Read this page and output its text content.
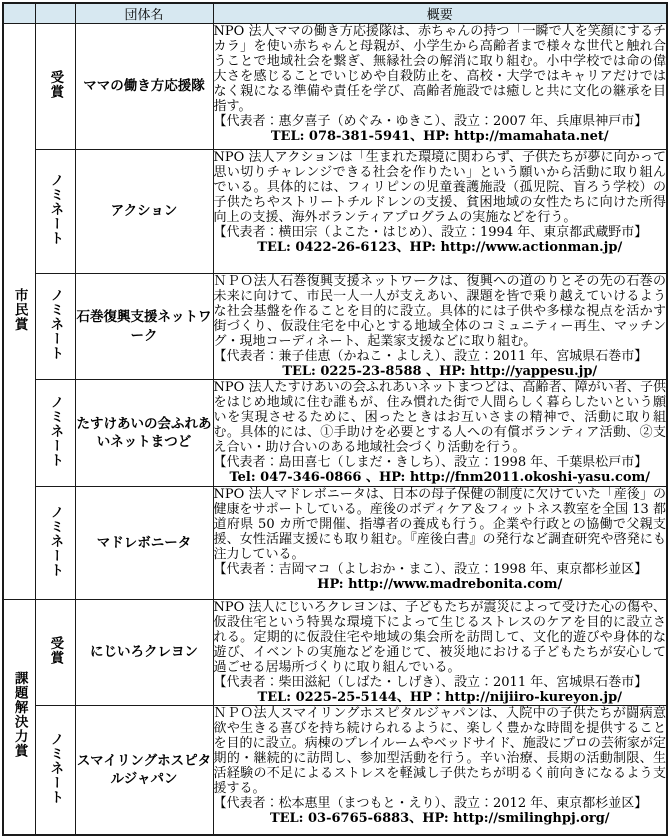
		団体名	概要
市民賞	受賞	ママの働き方応援隊	NPO 法人ママの働き方応援隊は、赤ちゃんの持つ「一瞬で人を笑顔にするチカラ」を使い赤ちゃんと母親が、小学生から高齢者まで様々な世代と触れ合うことで地域社会を繋ぎ、無縁社会の解消に取り組む。小中学校では命の偉大さを感じることでいじめや自殺防止を、高校・大学ではキャリアだけではなく親になる準備や責任を学び、高齢者施設では癒しと共に文化の継承を目指す。
【代表者：惠夕喜子（めぐみ・ゆきこ）、設立：2007 年、兵庫県神戸市】
TEL: 078-381-5941、HP: http://mamahata.net/

	ノミネート	アクション	NPO 法人アクションは「生まれた環境に関わらず、子供たちが夢に向かって思い切りチャレンジできる社会を作りたい」という願いから活動に取り組んでいる。具体的には、フィリピンの児童養護施設（孤児院、盲ろう学校）の子供たちやストリートチルドレンの支援、貧困地域の女性たちに向けた所得向上の支援、海外ボランティアプログラムの実施などを行う。
【代表者：横田宗（よこた・はじめ）、設立：1994 年、東京都武蔵野市】
TEL: 0422-26-6123、HP: http://www.actionman.jp/

	ノミネート	石巻復興支援ネットワーク	ＮＰＯ法人石巻復興支援ネットワークは、復興への道のりとその先の石巻の未来に向けて、市民一人一人が支えあい、課題を皆で乗り越えていけるような社会基盤を作ることを目的に設立。具体的には子供や多様な視点を活かす街づくり、仮設住宅を中心とする地域全体のコミュニティー再生、マッチング・現地コーディネート、起業家支援などに取り組む。
【代表者：兼子佳恵（かねこ・よしえ）、設立：2011 年、宮城県石巻市】
TEL: 0225-23-8588 、HP: http://yappesu.jp/

	ノミネート	たすけあいの会ふれあいネットまつど	NPO 法人たすけあいの会ふれあいネットまつどは、高齢者、障がい者、子供をはじめ地域に住む誰もが、住み慣れた街で人間らしく暮らしたいという願いを実現させるために、困ったときはお互いさまの精神で、活動に取り組む。具体的には、①手助けを必要とする人への有償ボランティア活動、②支え合い・助け合いのある地域社会づくり活動を行う。
【代表者：島田喜七（しまだ・きしち）、設立：1998 年、千葉県松戸市】
Tel: 047-346-0866 、HP: http://fnm2011.okoshi-yasu.com/

	ノミネート	マドレボニータ	NPO 法人マドレボニータは、日本の母子保健の制度に欠けていた「産後」の健康をサポートしている。産後のボディケア＆フィットネス教室を全国 13 都道府県 50 カ所で開催、指導者の養成も行う。企業や行政との協働で父親支援、女性活躍支援にも取り組む。『産後白書』の発行など調査研究や啓発にも注力している。
【代表者：吉岡マコ（よしおか・まこ）、設立：1998 年、東京都杉並区】
HP: http://www.madrebonita.com/

課題解決力賞	受賞	にじいろクレヨン	NPO 法人にじいろクレヨンは、子どもたちが震災によって受けた心の傷や、仮設住宅という特異な環境下によって生じるストレスのケアを目的に設立される。定期的に仮設住宅や地域の集会所を訪問して、文化的遊びや身体的な遊び、イベントの実施などを通じて、被災地における子どもたちが安心して過ごせる居場所づくりに取り組んでいる。
【代表者：柴田滋紀（しばた・しげき）、設立：2011 年、宮城県石巻市】
TEL: 0225-25-5144、HP：http://nijiiro-kureyon.jp/

	ノミネート	スマイリングホスピタルジャパン	ＮＰＯ法人スマイリングホスピタルジャパンは、入院中の子供たちが闘病意欲や生きる喜びを持ち続けられるように、楽しく豊かな時間を提供することを目的に設立。病棟のプレイルームやベッドサイド、施設にプロの芸術家が定期的・継続的に訪問し、参加型活動を行う。辛い治療、長期の活動制限、生活経験の不足によるストレスを軽減し子供たちが明るく前向きになるよう支援する。
【代表者：松本惠里（まつもと・えり）、設立：2012 年、東京都杉並区】
TEL: 03-6765-6883、HP: http://smilinghpj.org/
